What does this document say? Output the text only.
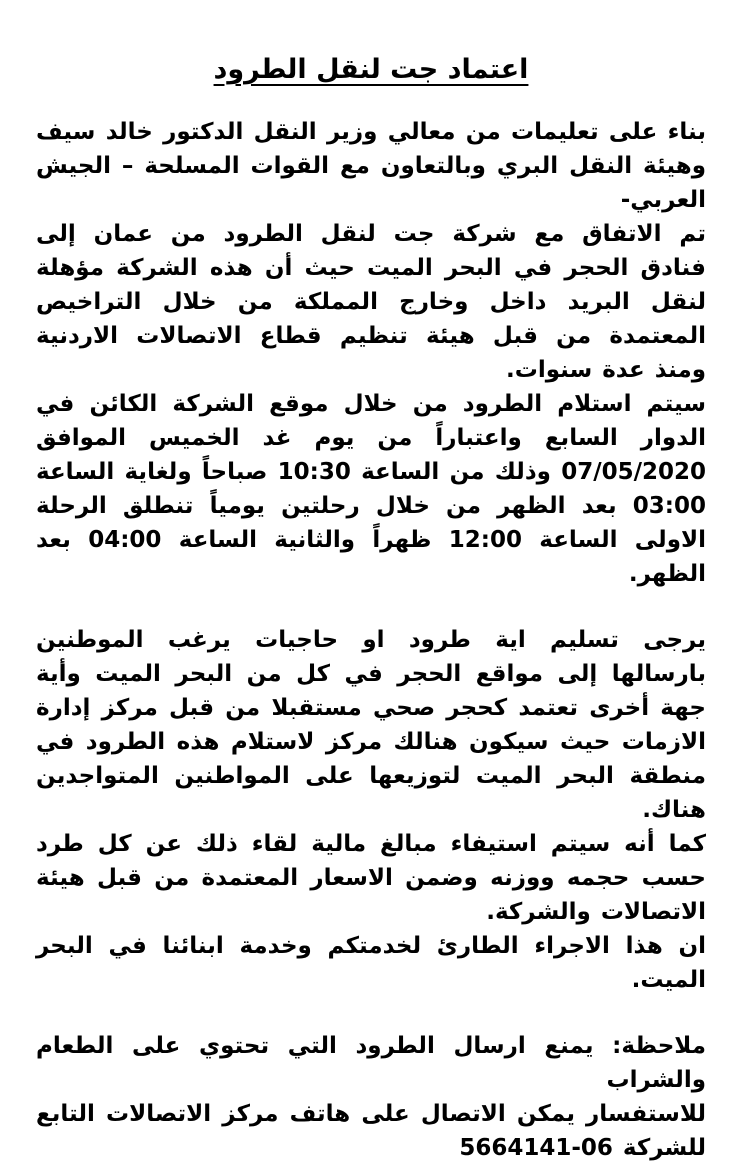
اعتماد جت لنقل الطرود

بناء على تعليمات من معالي وزير النقل الدكتور خالد سيف وهيئة النقل البري وبالتعاون مع القوات المسلحة – الجيش العربي-

تم الاتفاق مع شركة جت لنقل الطرود من عمان إلى فنادق الحجر في البحر الميت حيث أن هذه الشركة مؤهلة لنقل البريد داخل وخارج المملكة من خلال التراخيص المعتمدة من قبل هيئة تنظيم قطاع الاتصالات الاردنية ومنذ عدة سنوات.

سيتم استلام الطرود من خلال موقع الشركة الكائن في الدوار السابع واعتباراً من يوم غد الخميس الموافق 07/05/2020 وذلك من الساعة 10:30 صباحاً ولغاية الساعة 03:00 بعد الظهر من خلال رحلتين يومياً تنطلق الرحلة الاولى الساعة 12:00 ظهراً والثانية الساعة 04:00 بعد الظهر.

يرجى تسليم اية طرود او حاجيات يرغب الموطنين بارسالها إلى مواقع الحجر في كل من البحر الميت وأية جهة أخرى تعتمد كحجر صحي مستقبلا من قبل مركز إدارة الازمات حيث سيكون هنالك مركز لاستلام هذه الطرود في منطقة البحر الميت لتوزيعها على المواطنين المتواجدين هناك.

كما أنه سيتم استيفاء مبالغ مالية لقاء ذلك عن كل طرد حسب حجمه ووزنه وضمن الاسعار المعتمدة من قبل هيئة الاتصالات والشركة.

ان هذا الاجراء الطارئ لخدمتكم وخدمة ابنائنا في البحر الميت.

ملاحظة: يمنع ارسال الطرود التي تحتوي على الطعام والشراب

للاستفسار يمكن الاتصال على هاتف مركز الاتصالات التابع للشركة 06-5664141
